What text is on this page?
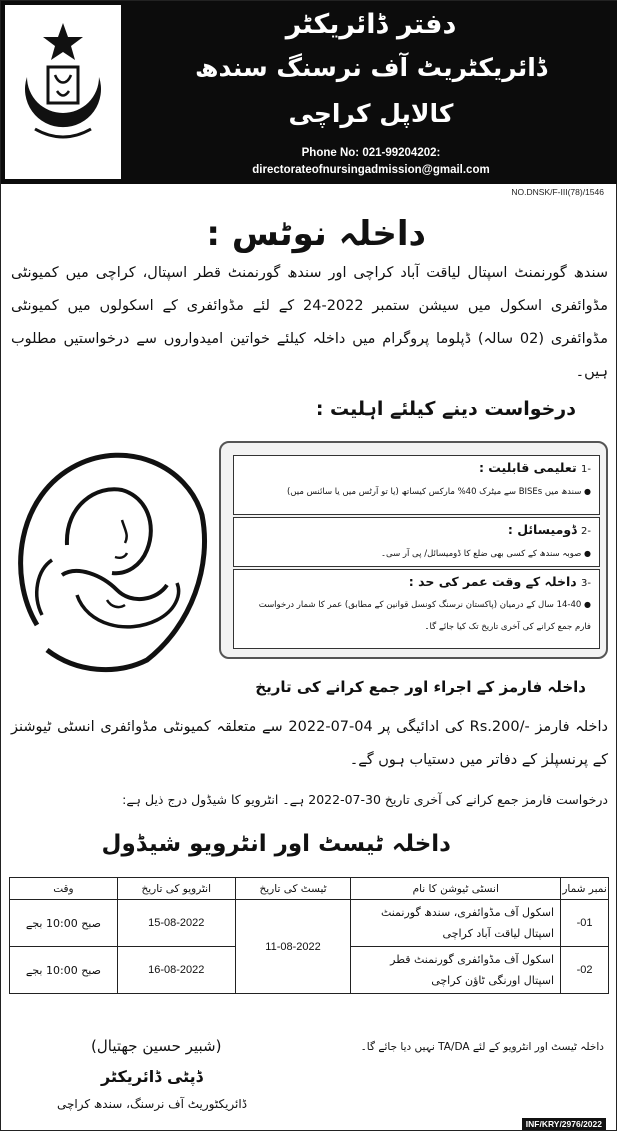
دفتر ڈائریکٹر
ڈائریکٹریٹ آف نرسنگ سندھ
کالاپل کراچی
Phone No: 021-99204202:
directorateofnursingadmission@gmail.com
NO.DNSK/F-III(78)/1546
داخلہ نوٹس :
سندھ گورنمنٹ اسپتال لیاقت آباد کراچی اور سندھ گورنمنٹ قطر اسپتال، کراچی میں کمیونٹی مڈوائفری اسکول میں سیشن ستمبر 2022-24 کے لئے مڈوائفری کے اسکولوں میں کمیونٹی مڈوائفری (02 سالہ) ڈپلوما پروگرام میں داخلہ کیلئے خواتین امیدواروں سے درخواستیں مطلوب ہیں۔
درخواست دینے کیلئے اہلیت :
-1 تعلیمی قابلیت :
● سندھ میں BISEs سے میٹرک 40% مارکس کیساتھ (یا تو آرٹس میں یا سائنس میں)
-2 ڈومیسائل :
● صوبہ سندھ کے کسی بھی ضلع کا ڈومیسائل/ پی آر سی۔
-3 داخلہ کے وقت عمر کی حد :
● 14-40 سال کے درمیان (پاکستان نرسنگ کونسل قوانین کے مطابق) عمر کا شمار درخواست فارم جمع کرانے کی آخری تاریخ تک کیا جائے گا۔
داخلہ فارمز کے اجراء اور جمع کرانے کی تاریخ
داخلہ فارمز -/Rs.200 کی ادائیگی پر 04-07-2022 سے متعلقہ کمیونٹی مڈوائفری انسٹی ٹیوشنز کے پرنسپلز کے دفاتر میں دستیاب ہوں گے۔
درخواست فارمز جمع کرانے کی آخری تاریخ 30-07-2022 ہے۔ انٹرویو کا شیڈول درج ذیل ہے:
داخلہ ٹیسٹ اور انٹرویو شیڈول
نمبر شمار	انسٹی ٹیوشن کا نام	ٹیسٹ کی تاریخ	انٹرویو کی تاریخ	وقت
-01	اسکول آف مڈوائفری، سندھ گورنمنٹ اسپتال لیاقت آباد کراچی	11-08-2022	15-08-2022	صبح 10:00 بجے
-02	اسکول آف مڈوائفری گورنمنٹ قطر اسپتال اورنگی ٹاؤن کراچی		16-08-2022	صبح 10:00 بجے
داخلہ ٹیسٹ اور انٹرویو کے لئے TA/DA نہیں دیا جائے گا۔
(شبیر حسین جھتیال)
ڈپٹی ڈائریکٹر
ڈائریکٹوریٹ آف نرسنگ، سندھ کراچی
INF/KRY/2976/2022
